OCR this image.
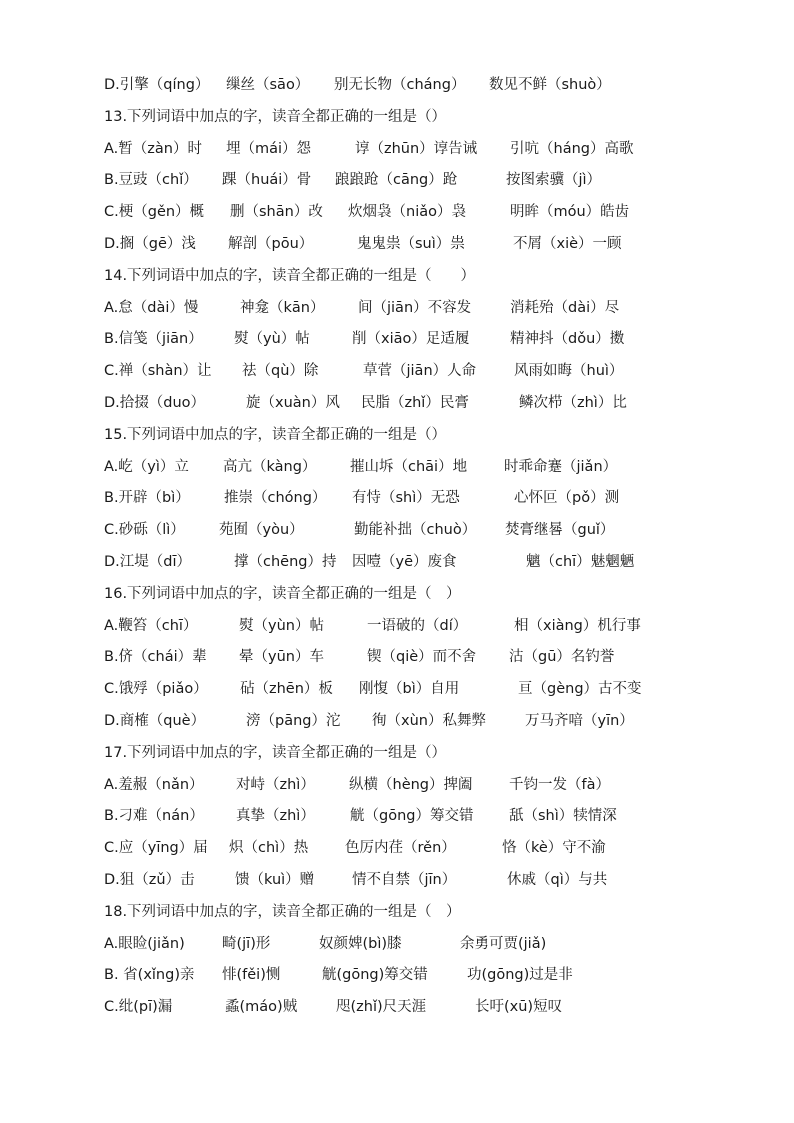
D.引擎（qíng） 缫丝（sāo） 别无长物（cháng） 数见不鲜（shuò）
13.下列词语中加点的字，读音全都正确的一组是（）
A.暂（zàn）时 埋（mái）怨	谆（zhūn）谆告诫 引吭（háng）高歌
B.豆豉（chǐ） 踝（huái）骨 踉踉跄（cāng）跄	按图索骥（jì）
C.梗（gěn）概 删（shān）改 炊烟袅（niǎo）袅	明眸（móu）皓齿
D.搁（gē）浅 解剖（pōu）	鬼鬼祟（suì）祟	不屑（xiè）一顾
14.下列词语中加点的字，读音全都正确的一组是（　　）
A.怠（dài）慢	神龛（kān） 间（jiān）不容发	消耗殆（dài）尽
B.信笺（jiān） 熨（yù）帖	削（xiāo）足适履	精神抖（dǒu）擞
C.禅（shàn）让 祛（qù）除	草菅（jiān）人命	风雨如晦（huì）
D.拾掇（duo）	旋（xuàn）风 民脂（zhǐ）民膏	鳞次栉（zhì）比
15.下列词语中加点的字，读音全都正确的一组是（）
A.屹（yì）立 高亢（kàng） 摧山坼（chāi）地	时乖命蹇（jiǎn）
B.开辟（bì） 推崇（chóng） 有恃（shì）无恐	心怀叵（pǒ）测
C.砂砾（lì） 苑囿（yòu）	勤能补拙（chuò） 焚膏继晷（guǐ）
D.江堤（dī）	撑（chēng）持 因噎（yē）废食	魑（chī）魅魍魉
16.下列词语中加点的字，读音全都正确的一组是（　）
A.鞭笞（chī）	熨（yùn）帖	一语破的（dí）	相（xiàng）机行事
B.侪（chái）辈 晕（yūn）车	锲（qiè）而不舍 沽（gū）名钓誉
C.饿殍（piǎo） 砧（zhēn）板 刚愎（bì）自用	亘（gèng）古不变
D.商榷（què）	滂（pāng）沱 徇（xùn）私舞弊	万马齐喑（yīn）
17.下列词语中加点的字，读音全都正确的一组是（）
A.羞赧（nǎn） 对峙（zhì） 纵横（hèng）捭阖	千钧一发（fà）
B.刁难（nán） 真挚（zhì） 觥（gōng）筹交错 舐（shì）犊情深
C.应（yīng）届 炽（chì）热	色厉内荏（rěn）	恪（kè）守不渝
D.狙（zǔ）击	馈（kuì）赠	情不自禁（jīn）	休戚（qì）与共
18.下列词语中加点的字，读音全都正确的一组是（　）
A.眼睑(jiǎn)	畸(jī)形	奴颜婢(bì)膝	余勇可贾(jiǎ)
B. 省(xǐng)亲 悱(fěi)恻	觥(gōng)筹交错	功(gōng)过是非
C.纰(pī)漏	蟊(máo)贼	咫(zhǐ)尺天涯	长吁(xū)短叹
